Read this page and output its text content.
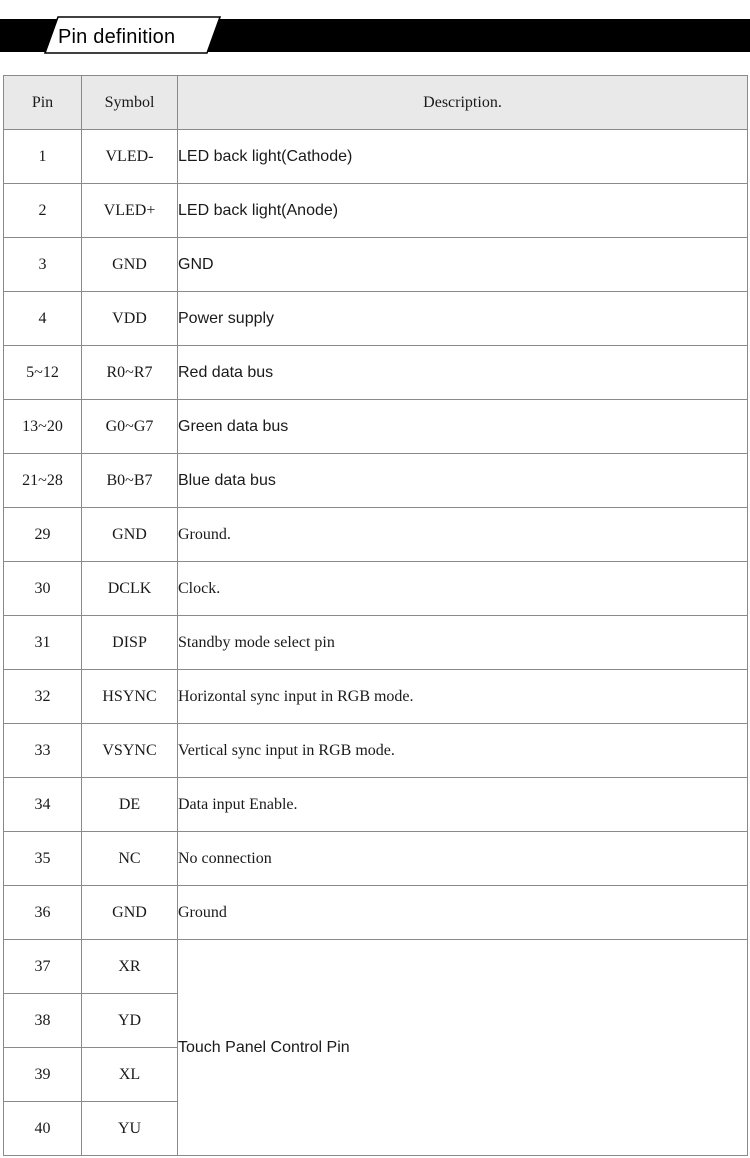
Pin definition
Pin	Symbol	Description.
1	VLED-	LED back light(Cathode)
2	VLED+	LED back light(Anode)
3	GND	GND
4	VDD	Power supply
5~12	R0~R7	Red data bus
13~20	G0~G7	Green data bus
21~28	B0~B7	Blue data bus
29	GND	Ground.
30	DCLK	Clock.
31	DISP	Standby mode select pin
32	HSYNC	Horizontal sync input in RGB mode.
33	VSYNC	Vertical sync input in RGB mode.
34	DE	Data input Enable.
35	NC	No connection
36	GND	Ground
37	XR	Touch Panel Control Pin
38	YD	
39	XL	
40	YU	
